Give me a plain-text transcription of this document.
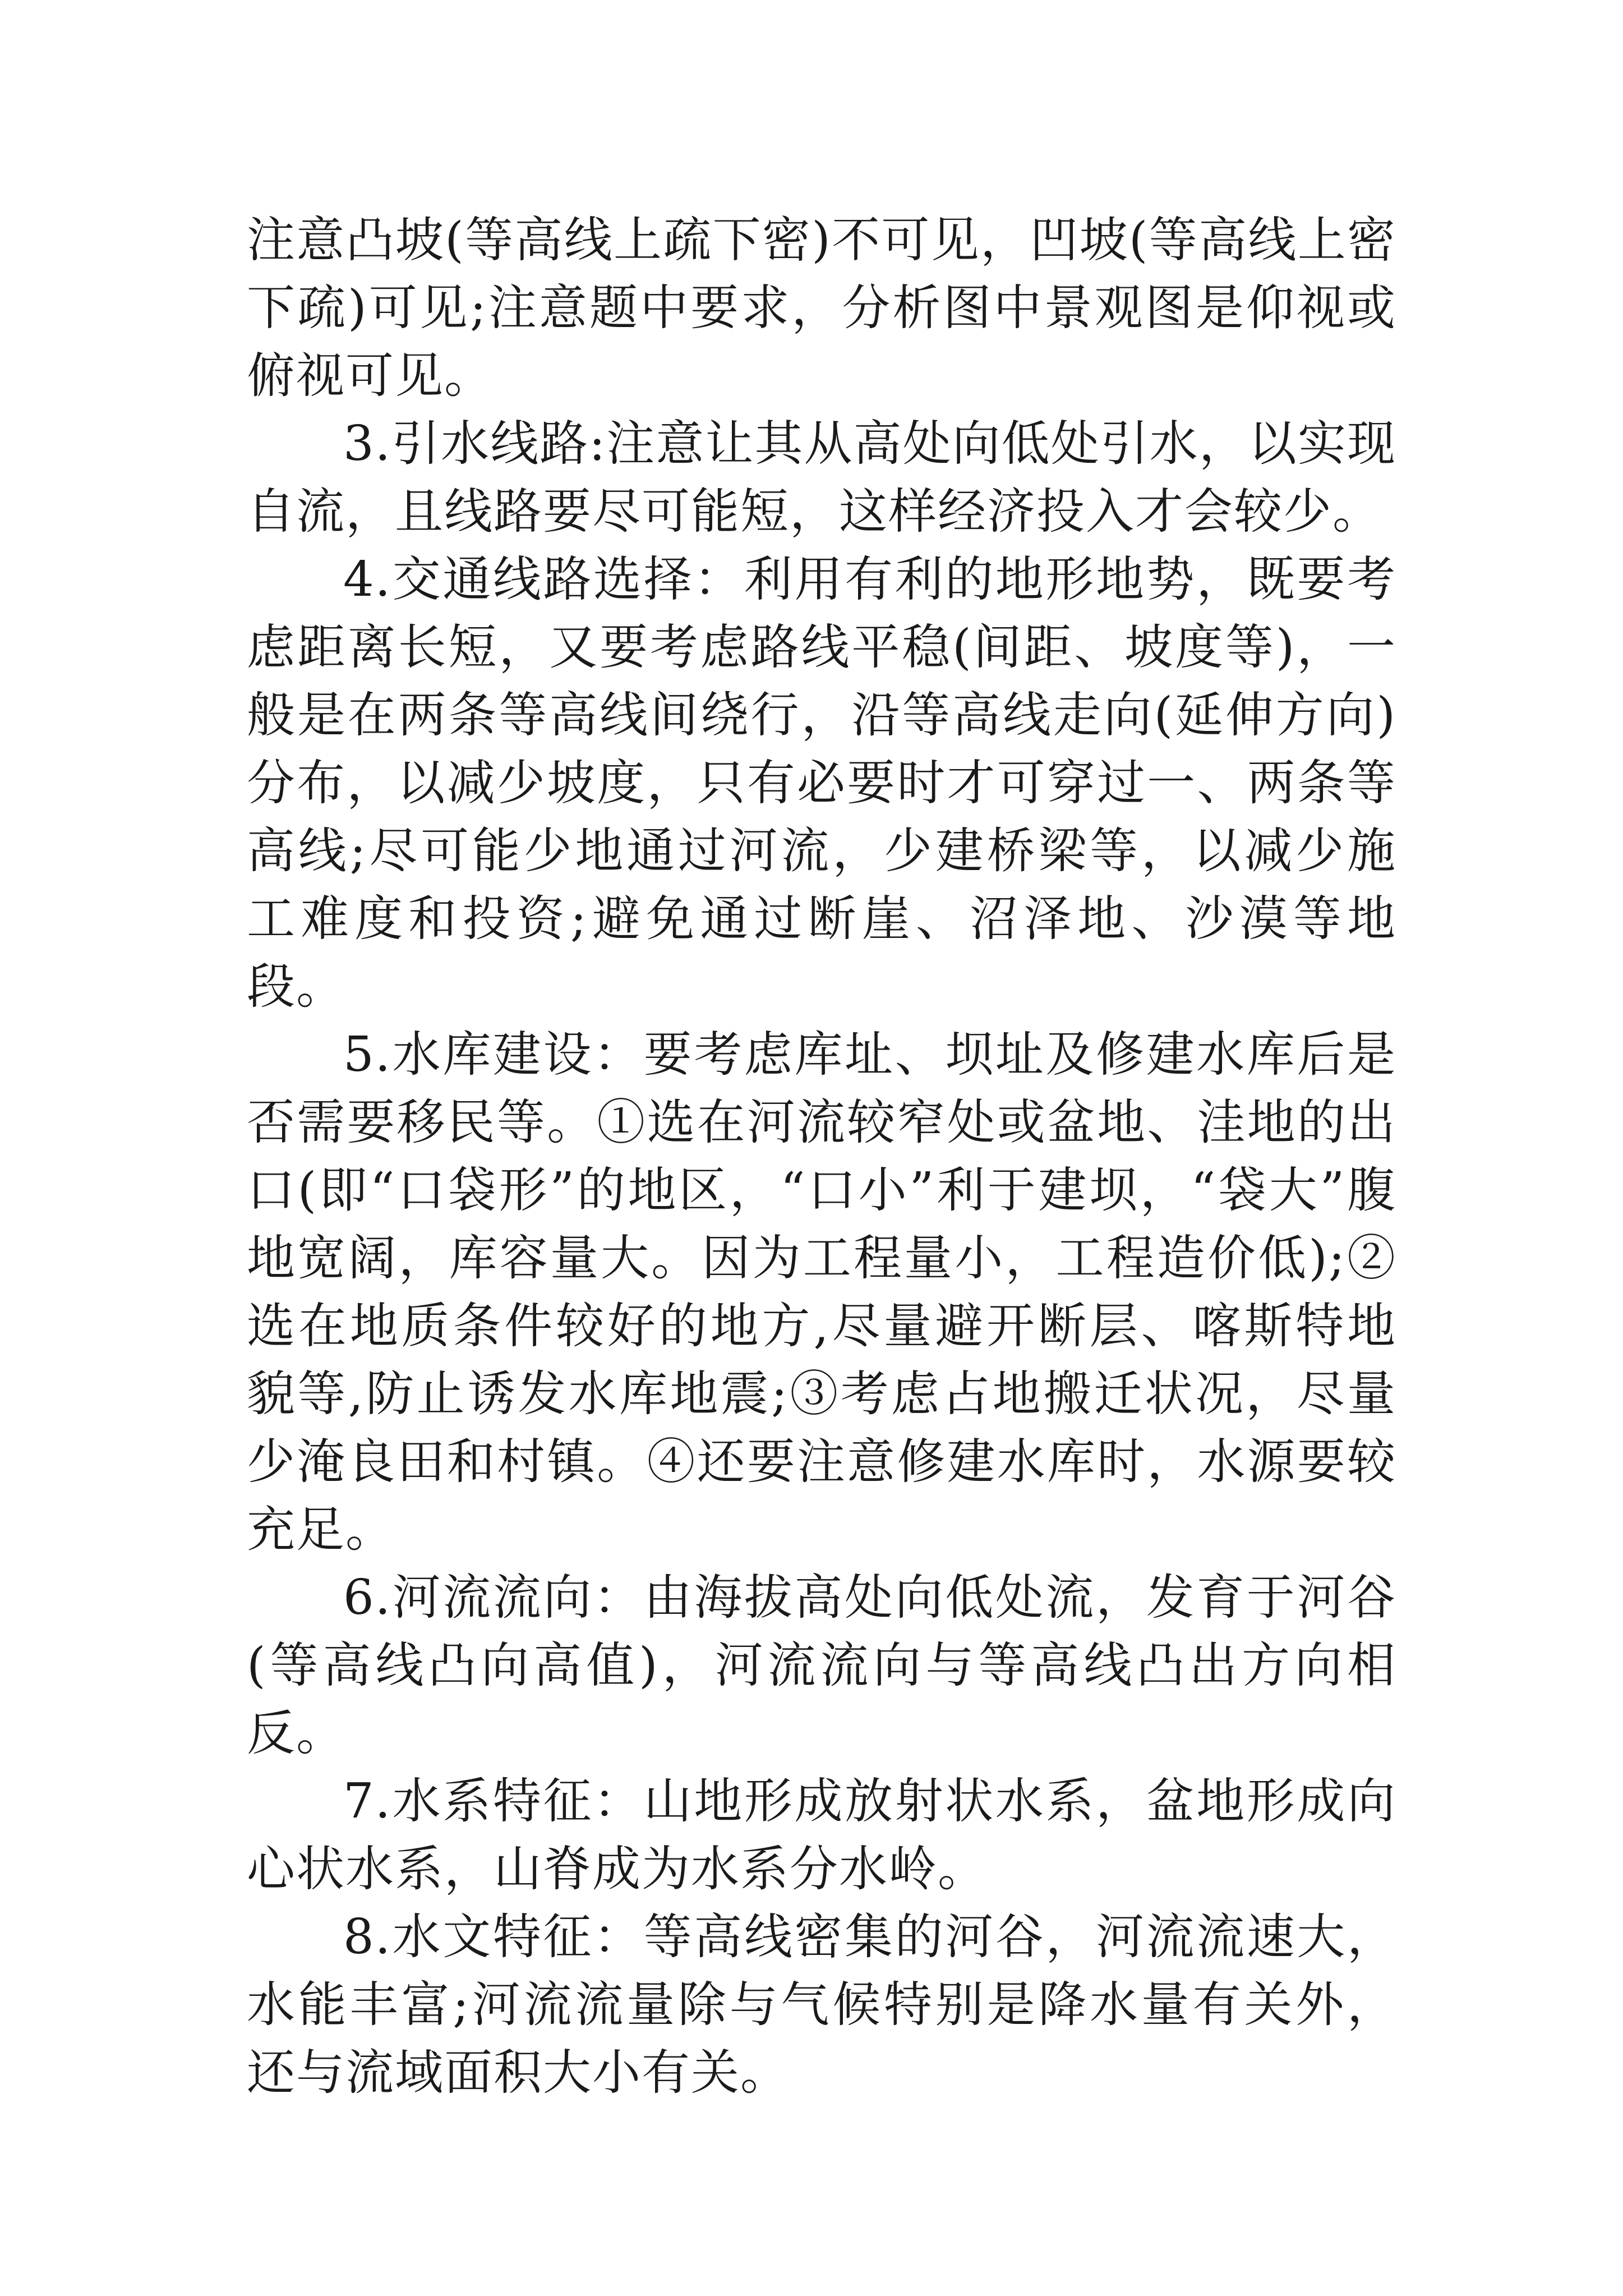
注意凸坡(等高线上疏下密)不可见，凹坡(等高线上密下疏)可见;注意题中要求，分析图中景观图是仰视或俯视可见。

3.引水线路:注意让其从高处向低处引水，以实现自流，且线路要尽可能短，这样经济投入才会较少。

4.交通线路选择：利用有利的地形地势，既要考虑距离长短，又要考虑路线平稳(间距、坡度等)，一般是在两条等高线间绕行，沿等高线走向(延伸方向)分布，以减少坡度，只有必要时才可穿过一、两条等高线;尽可能少地通过河流，少建桥梁等，以减少施工难度和投资;避免通过断崖、沼泽地、沙漠等地段。

5.水库建设：要考虑库址、坝址及修建水库后是否需要移民等。①选在河流较窄处或盆地、洼地的出口(即“口袋形”的地区，“口小”利于建坝，“袋大”腹地宽阔，库容量大。因为工程量小，工程造价低);②选在地质条件较好的地方,尽量避开断层、喀斯特地貌等,防止诱发水库地震;③考虑占地搬迁状况，尽量少淹良田和村镇。④还要注意修建水库时，水源要较充足。

6.河流流向：由海拔高处向低处流，发育于河谷(等高线凸向高值)，河流流向与等高线凸出方向相反。

7.水系特征：山地形成放射状水系，盆地形成向心状水系，山脊成为水系分水岭。

8.水文特征：等高线密集的河谷，河流流速大，水能丰富;河流流量除与气候特别是降水量有关外，还与流域面积大小有关。
